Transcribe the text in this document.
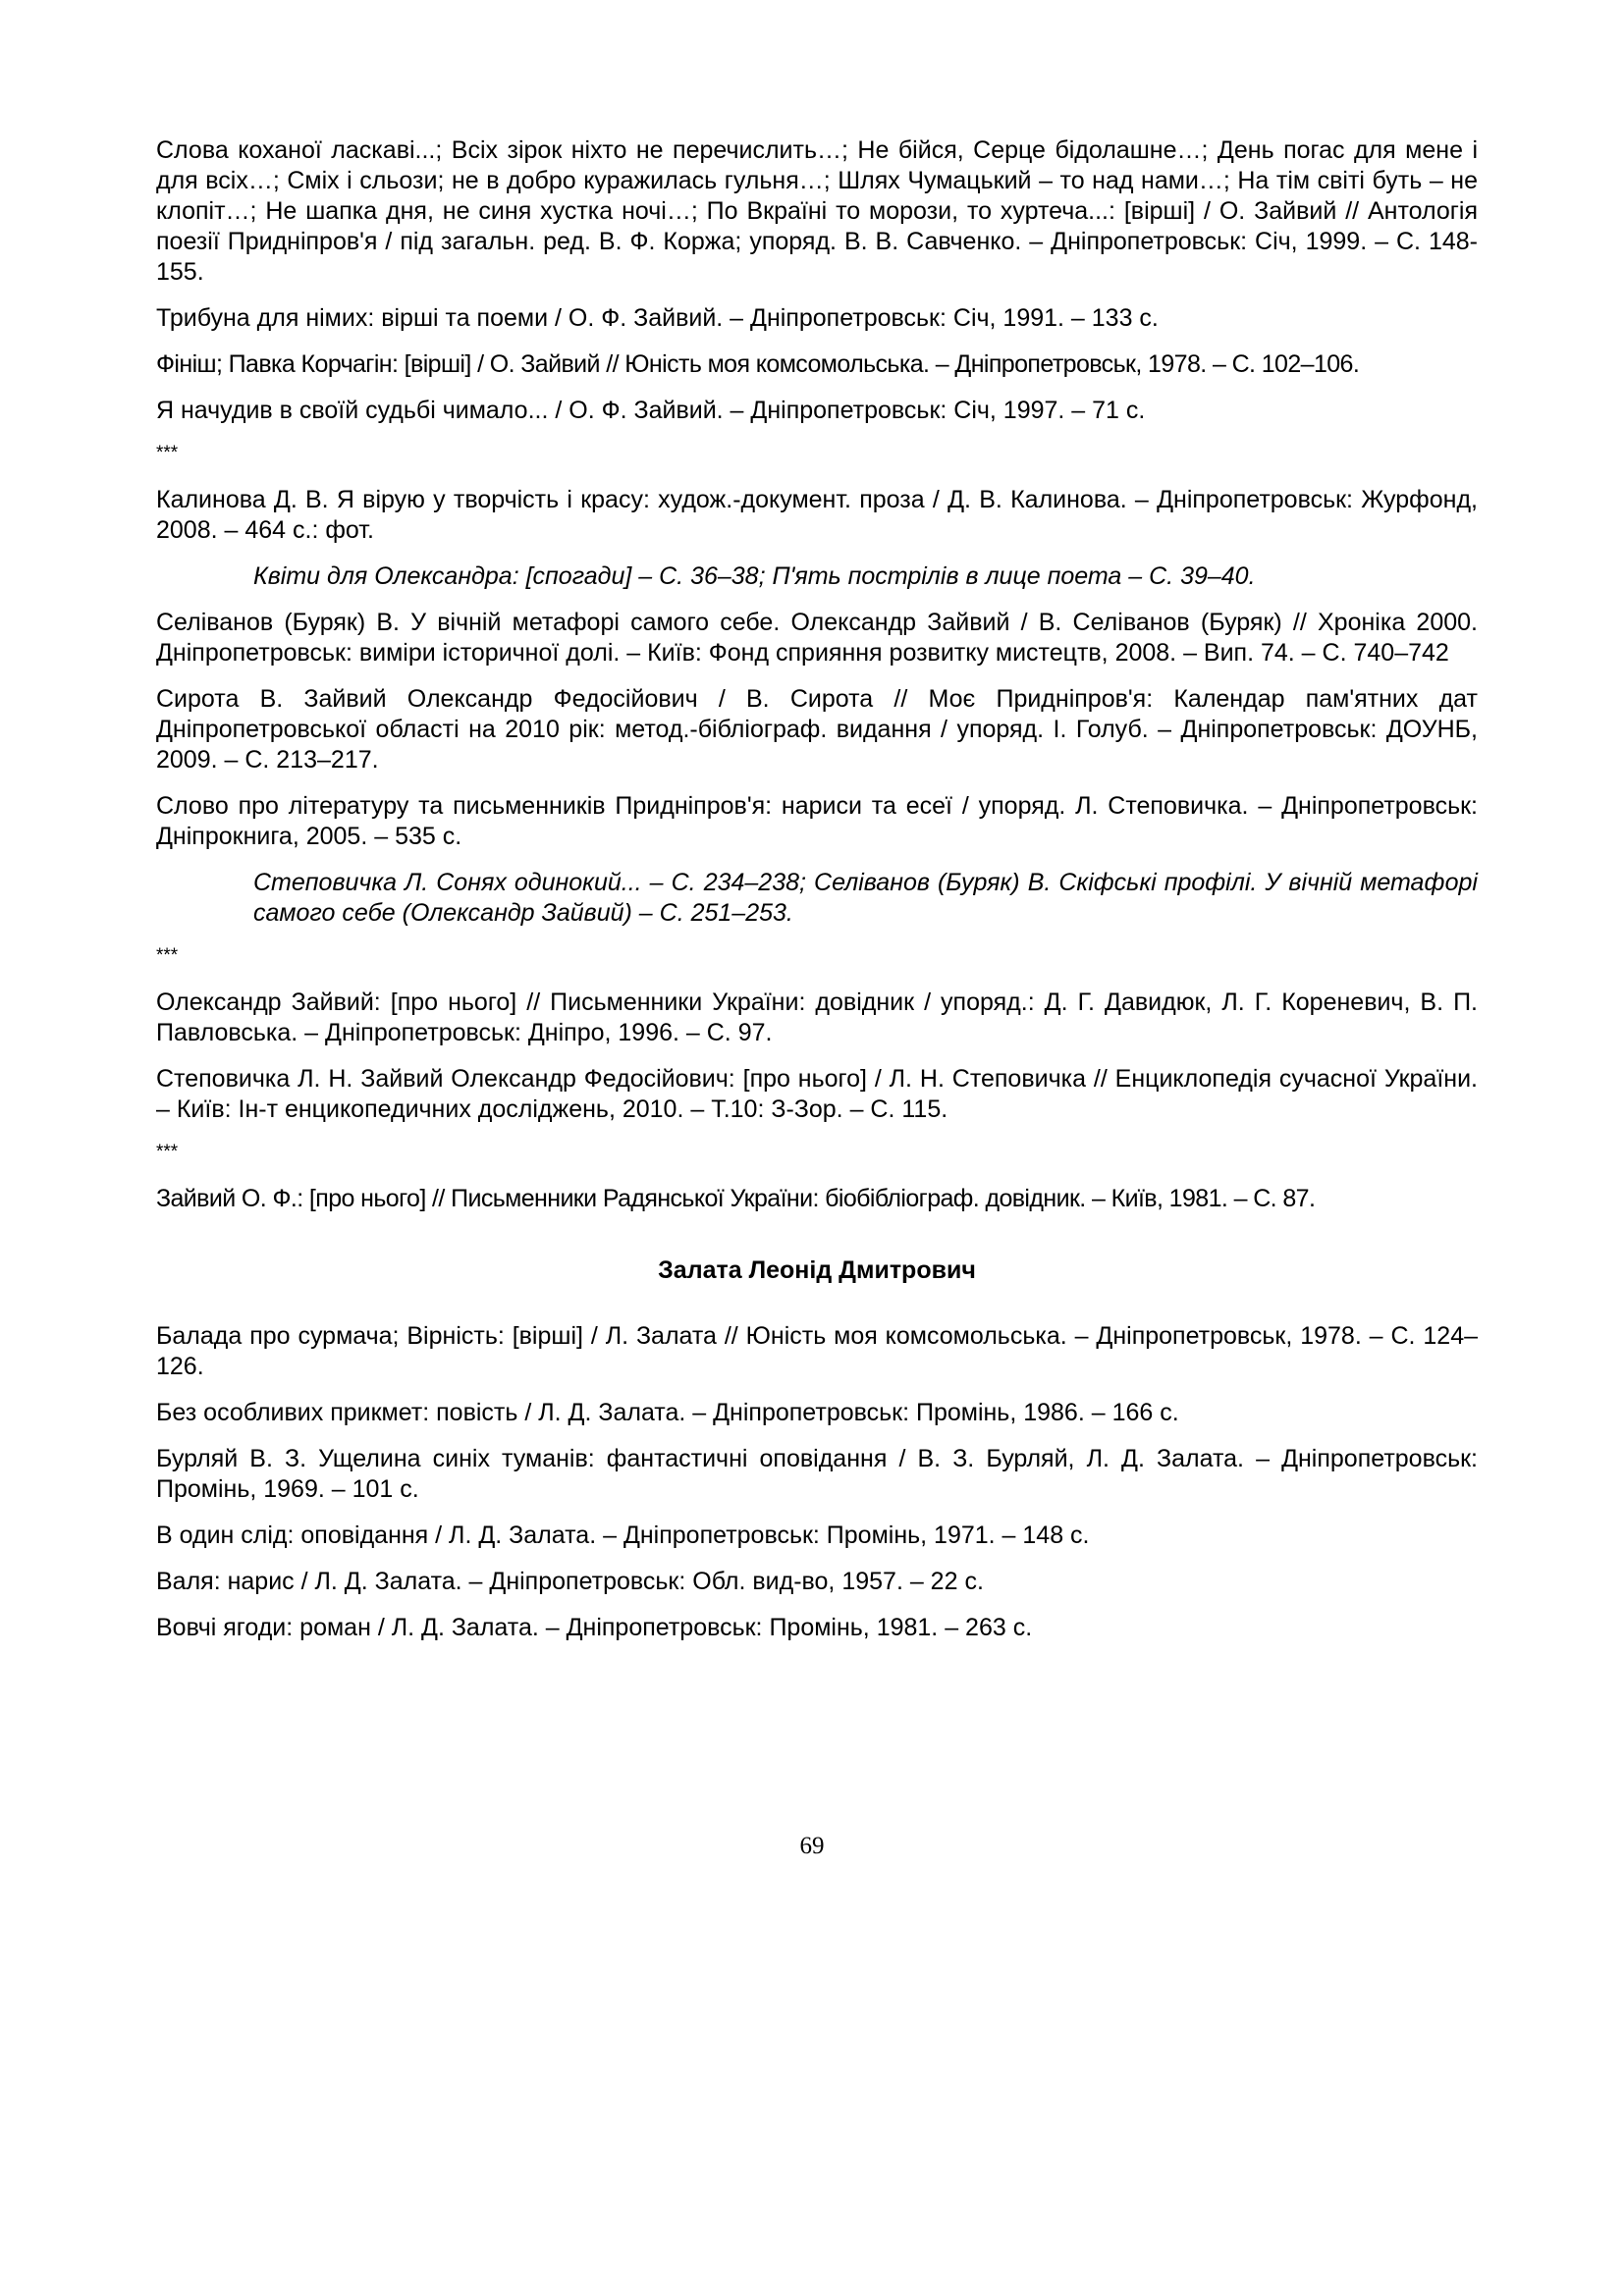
Слова коханої ласкаві...; Всіх зірок ніхто не перечислить…; Не бійся, Серце бідолашне…; День погас для мене і для всіх…; Сміх і сльози; не в добро куражилась гульня…; Шлях Чумацький – то над нами…; На тім світі буть – не клопіт…; Не шапка дня, не синя хустка ночі…; По Вкраїні то морози, то хуртеча...: [вірші] / О. Зайвий // Антологія поезії Придніпров'я / під загальн. ред. В. Ф. Коржа; упоряд. В. В. Савченко. – Дніпропетровськ: Січ, 1999. – С. 148-155.

Трибуна для німих: вірші та поеми / О. Ф. Зайвий. – Дніпропетровськ: Січ, 1991. – 133 с.

Фініш; Павка Корчагін: [вірші] / О. Зайвий // Юність моя комсомольська. – Дніпропетровськ, 1978. – С. 102–106.

Я начудив в своїй судьбі чимало... / О. Ф. Зайвий. – Дніпропетровськ: Січ, 1997. – 71 с.

***

Калинова Д. В. Я вірую у творчість і красу: худож.-документ. проза / Д. В. Калинова. – Дніпропетровськ: Журфонд, 2008. – 464 с.: фот.

Квіти для Олександра: [спогади] – С. 36–38; П'ять пострілів в лице поета – С. 39–40.

Селіванов (Буряк) В. У вічній метафорі самого себе. Олександр Зайвий / В. Селіванов (Буряк) // Хроніка 2000. Дніпропетровськ: виміри історичної долі. – Київ: Фонд сприяння розвитку мистецтв, 2008. – Вип. 74. – С. 740–742

Сирота В. Зайвий Олександр Федосійович / В. Сирота // Моє Придніпров'я: Календар пам'ятних дат Дніпропетровської області на 2010 рік: метод.-бібліограф. видання / упоряд. І. Голуб. – Дніпропетровськ: ДОУНБ, 2009. – С. 213–217.

Слово про літературу та письменників Придніпров'я: нариси та есеї / упоряд. Л. Степовичка. – Дніпропетровськ: Дніпрокнига, 2005. – 535 с.

Степовичка Л. Сонях одинокий... – С. 234–238; Селіванов (Буряк) В. Скіфські профілі. У вічній метафорі самого себе (Олександр Зайвий) – С. 251–253.

***

Олександр Зайвий: [про нього] // Письменники України: довідник / упоряд.: Д. Г. Давидюк, Л. Г. Кореневич, В. П. Павловська. – Дніпропетровськ: Дніпро, 1996. – С. 97.

Степовичка Л. Н. Зайвий Олександр Федосійович: [про нього] / Л. Н. Степовичка // Енциклопедія сучасної України. – Київ: Ін-т енцикопедичних досліджень, 2010. – Т.10: З-Зор. – С. 115.

***

Зайвий О. Ф.: [про нього] // Письменники Радянської України: біобібліограф. довідник. – Київ, 1981. – С. 87.

Залата Леонід Дмитрович

Балада про сурмача; Вірність: [вірші] / Л. Залата // Юність моя комсомольська. – Дніпропетровськ, 1978. – С. 124–126.

Без особливих прикмет: повість / Л. Д. Залата. – Дніпропетровськ: Промінь, 1986. – 166 с.

Бурляй В. З. Ущелина синіх туманів: фантастичні оповідання / В. З. Бурляй, Л. Д. Залата. – Дніпропетровськ: Промінь, 1969. – 101 с.

В один слід: оповідання / Л. Д. Залата. – Дніпропетровськ: Промінь, 1971. – 148 с.

Валя: нарис / Л. Д. Залата. – Дніпропетровськ: Обл. вид-во, 1957. – 22 с.

Вовчі ягоди: роман / Л. Д. Залата. – Дніпропетровськ: Промінь, 1981. – 263 с.

69
